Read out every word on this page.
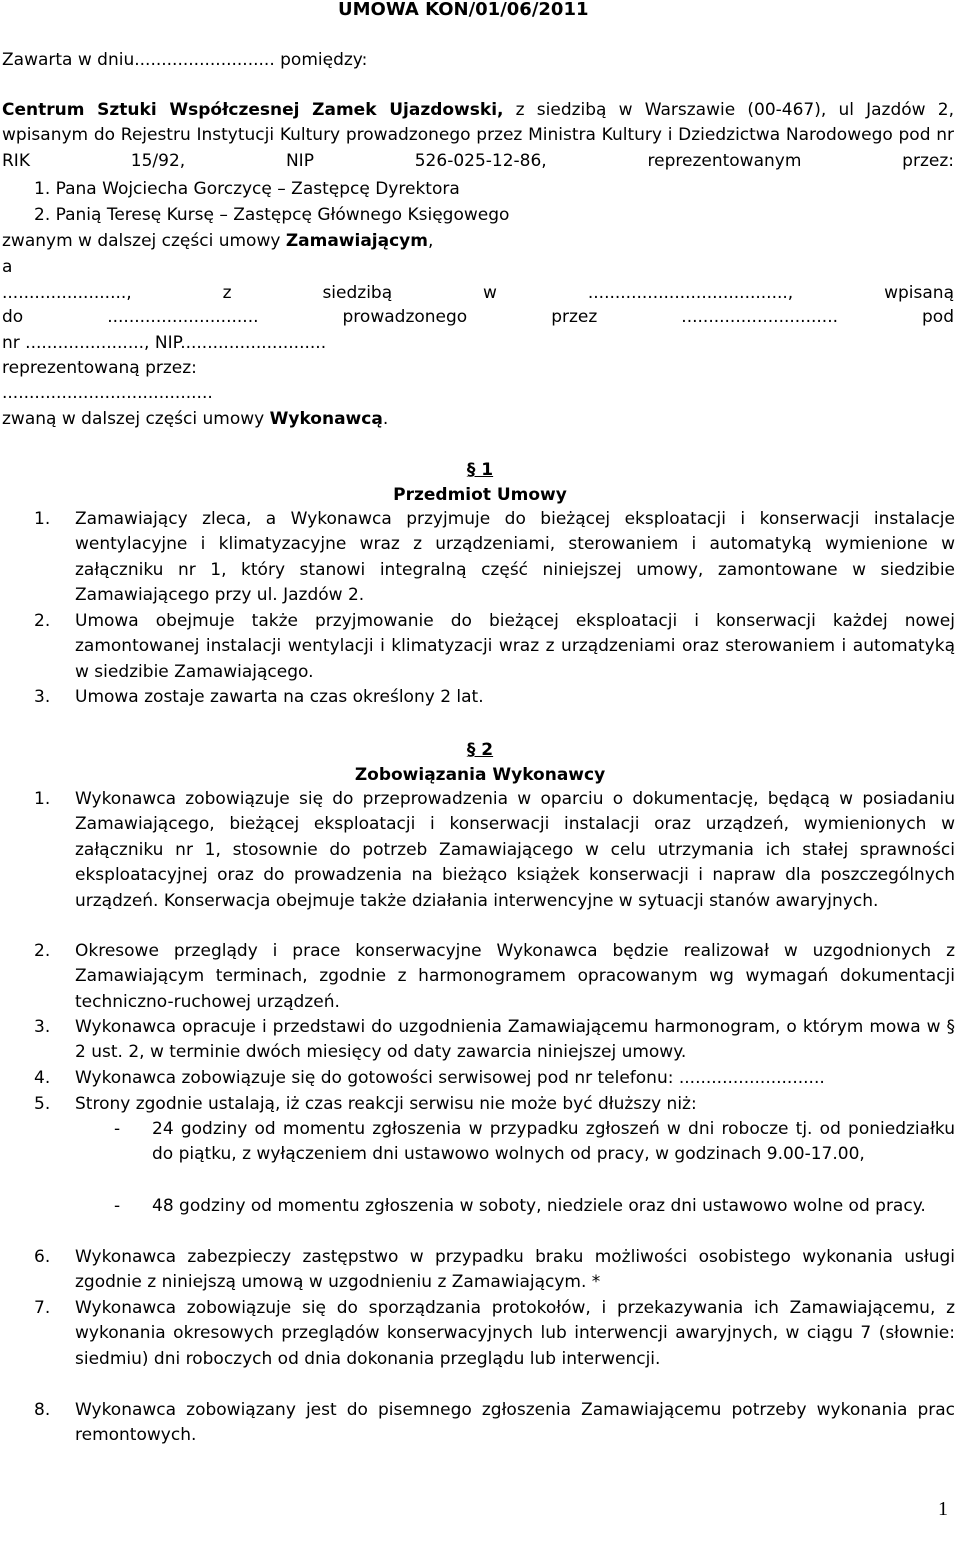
UMOWA KON/01/06/2011
Zawarta w dniu.......................... pomiędzy:
Centrum Sztuki Współczesnej Zamek Ujazdowski, z siedzibą w Warszawie (00-467), ul Jazdów 2, wpisanym do Rejestru Instytucji Kultury prowadzonego przez Ministra Kultury i Dziedzictwa Narodowego pod nr RIK 15/92, NIP 526-025-12-86, reprezentowanym przez:
1. Pana Wojciecha Gorczycę – Zastępcę Dyrektora
2. Panią Teresę Kursę – Zastępcę Głównego Księgowego
zwanym w dalszej części umowy Zamawiającym,
a
......................., z siedzibą w ....................................., wpisaną
do ............................ prowadzonego przez ............................. pod
nr ......................, NIP...........................
reprezentowaną przez:
.......................................
zwaną w dalszej części umowy Wykonawcą.
§ 1
Przedmiot Umowy
1. Zamawiający zleca, a Wykonawca przyjmuje do bieżącej eksploatacji i konserwacji instalacje wentylacyjne i klimatyzacyjne wraz z urządzeniami, sterowaniem i automatyką wymienione w załączniku nr 1, który stanowi integralną część niniejszej umowy, zamontowane w siedzibie Zamawiającego przy ul. Jazdów 2.
2. Umowa obejmuje także przyjmowanie do bieżącej eksploatacji i konserwacji każdej nowej zamontowanej instalacji wentylacji i klimatyzacji wraz z urządzeniami oraz sterowaniem i automatyką w siedzibie Zamawiającego.
3. Umowa zostaje zawarta na czas określony 2 lat.
§ 2
Zobowiązania Wykonawcy
1. Wykonawca zobowiązuje się do przeprowadzenia w oparciu o dokumentację, będącą w posiadaniu Zamawiającego, bieżącej eksploatacji i konserwacji instalacji oraz urządzeń, wymienionych w załączniku nr 1, stosownie do potrzeb Zamawiającego w celu utrzymania ich stałej sprawności eksploatacyjnej oraz do prowadzenia na bieżąco książek konserwacji i napraw dla poszczególnych urządzeń. Konserwacja obejmuje także działania interwencyjne w sytuacji stanów awaryjnych.
2. Okresowe przeglądy i prace konserwacyjne Wykonawca będzie realizował w uzgodnionych z Zamawiającym terminach, zgodnie z harmonogramem opracowanym wg wymagań dokumentacji techniczno-ruchowej urządzeń.
3. Wykonawca opracuje i przedstawi do uzgodnienia Zamawiającemu harmonogram, o którym mowa w § 2 ust. 2, w terminie dwóch miesięcy od daty zawarcia niniejszej umowy.
4. Wykonawca zobowiązuje się do gotowości serwisowej pod nr telefonu: ...........................
5. Strony zgodnie ustalają, iż czas reakcji serwisu nie może być dłuższy niż:
- 24 godziny od momentu zgłoszenia w przypadku zgłoszeń w dni robocze tj. od poniedziałku do piątku, z wyłączeniem dni ustawowo wolnych od pracy, w godzinach 9.00-17.00,
- 48 godziny od momentu zgłoszenia w soboty, niedziele oraz dni ustawowo wolne od pracy.
6. Wykonawca zabezpieczy zastępstwo w przypadku braku możliwości osobistego wykonania usługi zgodnie z niniejszą umową w uzgodnieniu z Zamawiającym. *
7. Wykonawca zobowiązuje się do sporządzania protokołów, i przekazywania ich Zamawiającemu, z wykonania okresowych przeglądów konserwacyjnych lub interwencji awaryjnych, w ciągu 7 (słownie: siedmiu) dni roboczych od dnia dokonania przeglądu lub interwencji.
8. Wykonawca zobowiązany jest do pisemnego zgłoszenia Zamawiającemu potrzeby wykonania prac remontowych.
1
